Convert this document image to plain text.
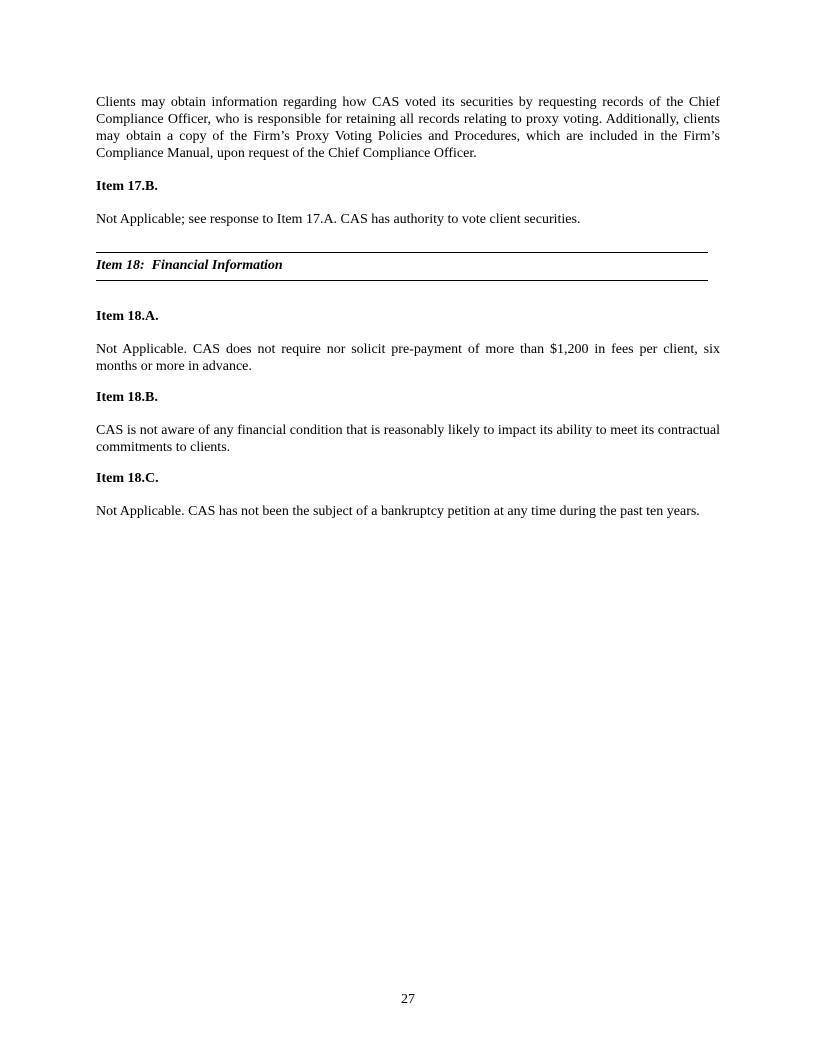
Clients may obtain information regarding how CAS voted its securities by requesting records of the Chief Compliance Officer, who is responsible for retaining all records relating to proxy voting. Additionally, clients may obtain a copy of the Firm’s Proxy Voting Policies and Procedures, which are included in the Firm’s Compliance Manual, upon request of the Chief Compliance Officer.

Item 17.B.

Not Applicable; see response to Item 17.A. CAS has authority to vote client securities.

Item 18:  Financial Information

Item 18.A.

Not Applicable. CAS does not require nor solicit pre-payment of more than $1,200 in fees per client, six months or more in advance.

Item 18.B.

CAS is not aware of any financial condition that is reasonably likely to impact its ability to meet its contractual commitments to clients.

Item 18.C.

Not Applicable. CAS has not been the subject of a bankruptcy petition at any time during the past ten years.

27
